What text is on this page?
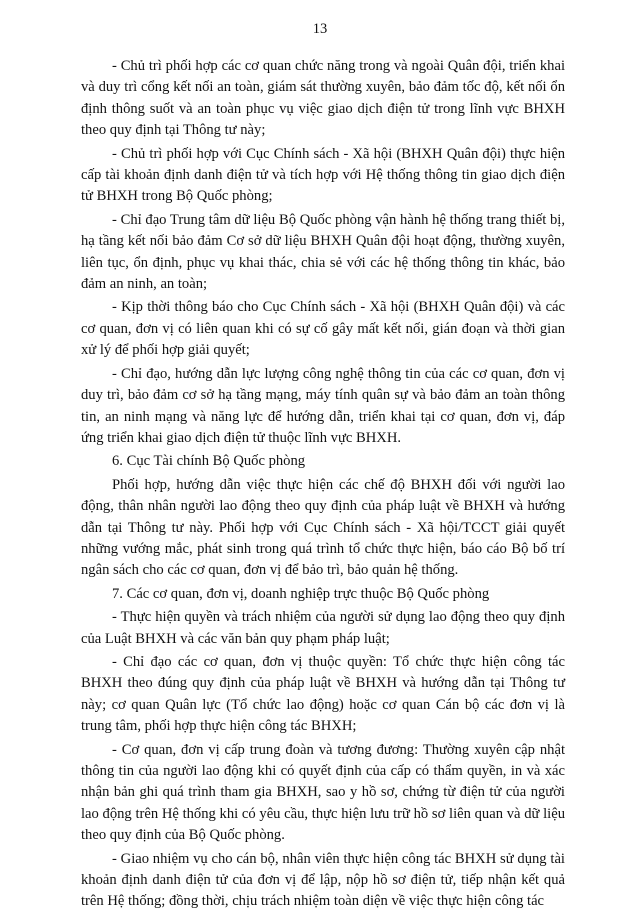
13

- Chủ trì phối hợp các cơ quan chức năng trong và ngoài Quân đội, triển khai và duy trì cổng kết nối an toàn, giám sát thường xuyên, bảo đảm tốc độ, kết nối ổn định thông suốt và an toàn phục vụ việc giao dịch điện tử trong lĩnh vực BHXH theo quy định tại Thông tư này;

- Chủ trì phối hợp với Cục Chính sách - Xã hội (BHXH Quân đội) thực hiện cấp tài khoản định danh điện tử và tích hợp với Hệ thống thông tin giao dịch điện tử BHXH trong Bộ Quốc phòng;

- Chỉ đạo Trung tâm dữ liệu Bộ Quốc phòng vận hành hệ thống trang thiết bị, hạ tầng kết nối bảo đảm Cơ sở dữ liệu BHXH Quân đội hoạt động, thường xuyên, liên tục, ổn định, phục vụ khai thác, chia sẻ với các hệ thống thông tin khác, bảo đảm an ninh, an toàn;

- Kịp thời thông báo cho Cục Chính sách - Xã hội (BHXH Quân đội) và các cơ quan, đơn vị có liên quan khi có sự cố gây mất kết nối, gián đoạn và thời gian xử lý để phối hợp giải quyết;

- Chỉ đạo, hướng dẫn lực lượng công nghệ thông tin của các cơ quan, đơn vị duy trì, bảo đảm cơ sở hạ tầng mạng, máy tính quân sự và bảo đảm an toàn thông tin, an ninh mạng và năng lực để hướng dẫn, triển khai tại cơ quan, đơn vị, đáp ứng triển khai giao dịch điện tử thuộc lĩnh vực BHXH.

6. Cục Tài chính Bộ Quốc phòng

Phối hợp, hướng dẫn việc thực hiện các chế độ BHXH đối với người lao động, thân nhân người lao động theo quy định của pháp luật về BHXH và hướng dẫn tại Thông tư này. Phối hợp với Cục Chính sách - Xã hội/TCCT giải quyết những vướng mắc, phát sinh trong quá trình tổ chức thực hiện, báo cáo Bộ bố trí ngân sách cho các cơ quan, đơn vị để bảo trì, bảo quản hệ thống.

7. Các cơ quan, đơn vị, doanh nghiệp trực thuộc Bộ Quốc phòng

- Thực hiện quyền và trách nhiệm của người sử dụng lao động theo quy định của Luật BHXH và các văn bản quy phạm pháp luật;

- Chỉ đạo các cơ quan, đơn vị thuộc quyền: Tổ chức thực hiện công tác BHXH theo đúng quy định của pháp luật về BHXH và hướng dẫn tại Thông tư này; cơ quan Quân lực (Tổ chức lao động) hoặc cơ quan Cán bộ các đơn vị là trung tâm, phối hợp thực hiện công tác BHXH;

- Cơ quan, đơn vị cấp trung đoàn và tương đương: Thường xuyên cập nhật thông tin của người lao động khi có quyết định của cấp có thẩm quyền, in và xác nhận bản ghi quá trình tham gia BHXH, sao y hồ sơ, chứng từ điện tử của người lao động trên Hệ thống khi có yêu cầu, thực hiện lưu trữ hồ sơ liên quan và dữ liệu theo quy định của Bộ Quốc phòng.

- Giao nhiệm vụ cho cán bộ, nhân viên thực hiện công tác BHXH sử dụng tài khoản định danh điện tử của đơn vị để lập, nộp hồ sơ điện tử, tiếp nhận kết quả trên Hệ thống; đồng thời, chịu trách nhiệm toàn diện về việc thực hiện công tác
